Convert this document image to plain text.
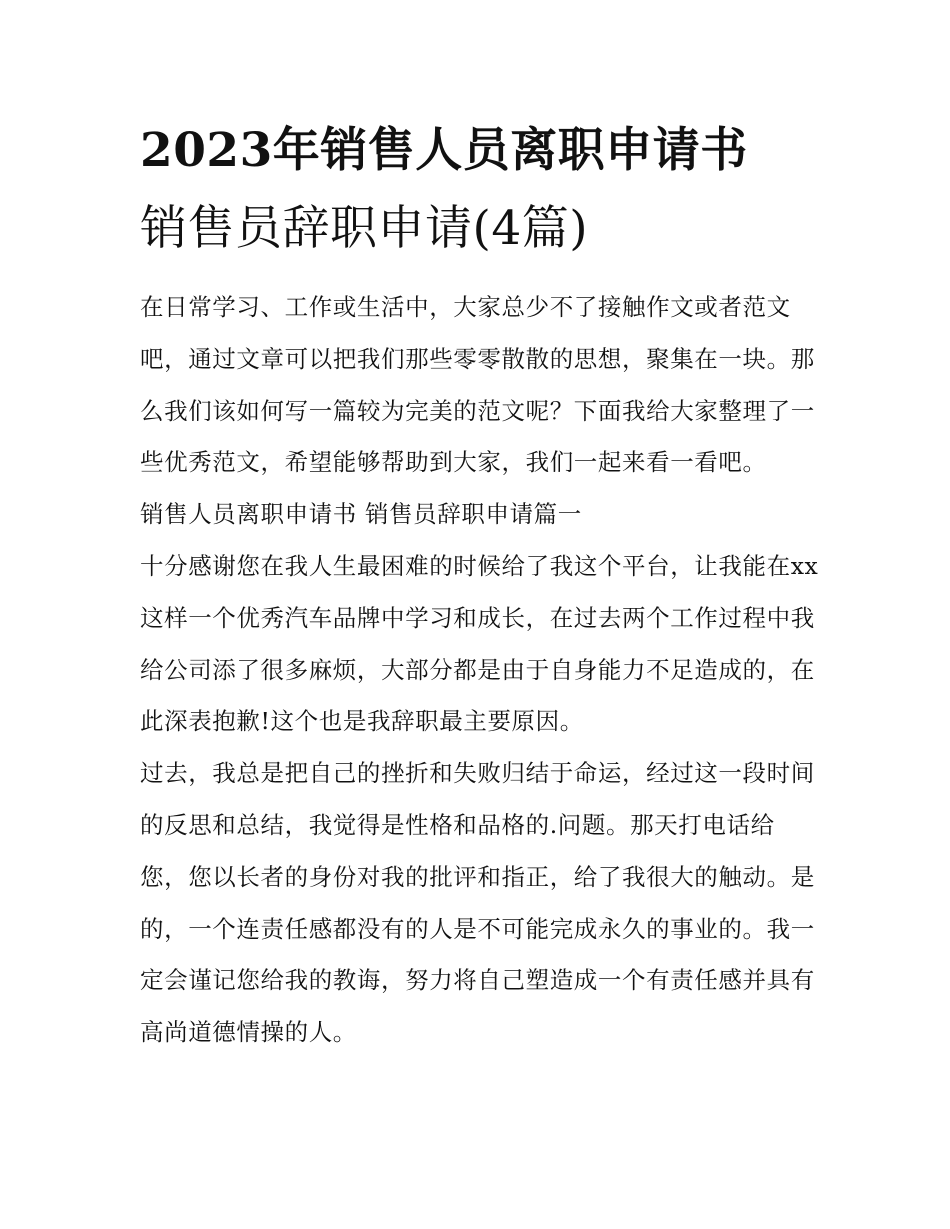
2023年销售人员离职申请书
销售员辞职申请(4篇)

在日常学习、工作或生活中，大家总少不了接触作文或者范文吧，通过文章可以把我们那些零零散散的思想，聚集在一块。那么我们该如何写一篇较为完美的范文呢？下面我给大家整理了一些优秀范文，希望能够帮助到大家，我们一起来看一看吧。

销售人员离职申请书 销售员辞职申请篇一

十分感谢您在我人生最困难的时候给了我这个平台，让我能在xx这样一个优秀汽车品牌中学习和成长，在过去两个工作过程中我给公司添了很多麻烦，大部分都是由于自身能力不足造成的，在此深表抱歉!这个也是我辞职最主要原因。

过去，我总是把自己的挫折和失败归结于命运，经过这一段时间的反思和总结，我觉得是性格和品格的.问题。那天打电话给您，您以长者的身份对我的批评和指正，给了我很大的触动。是的，一个连责任感都没有的人是不可能完成永久的事业的。我一定会谨记您给我的教诲，努力将自己塑造成一个有责任感并具有高尚道德情操的人。
